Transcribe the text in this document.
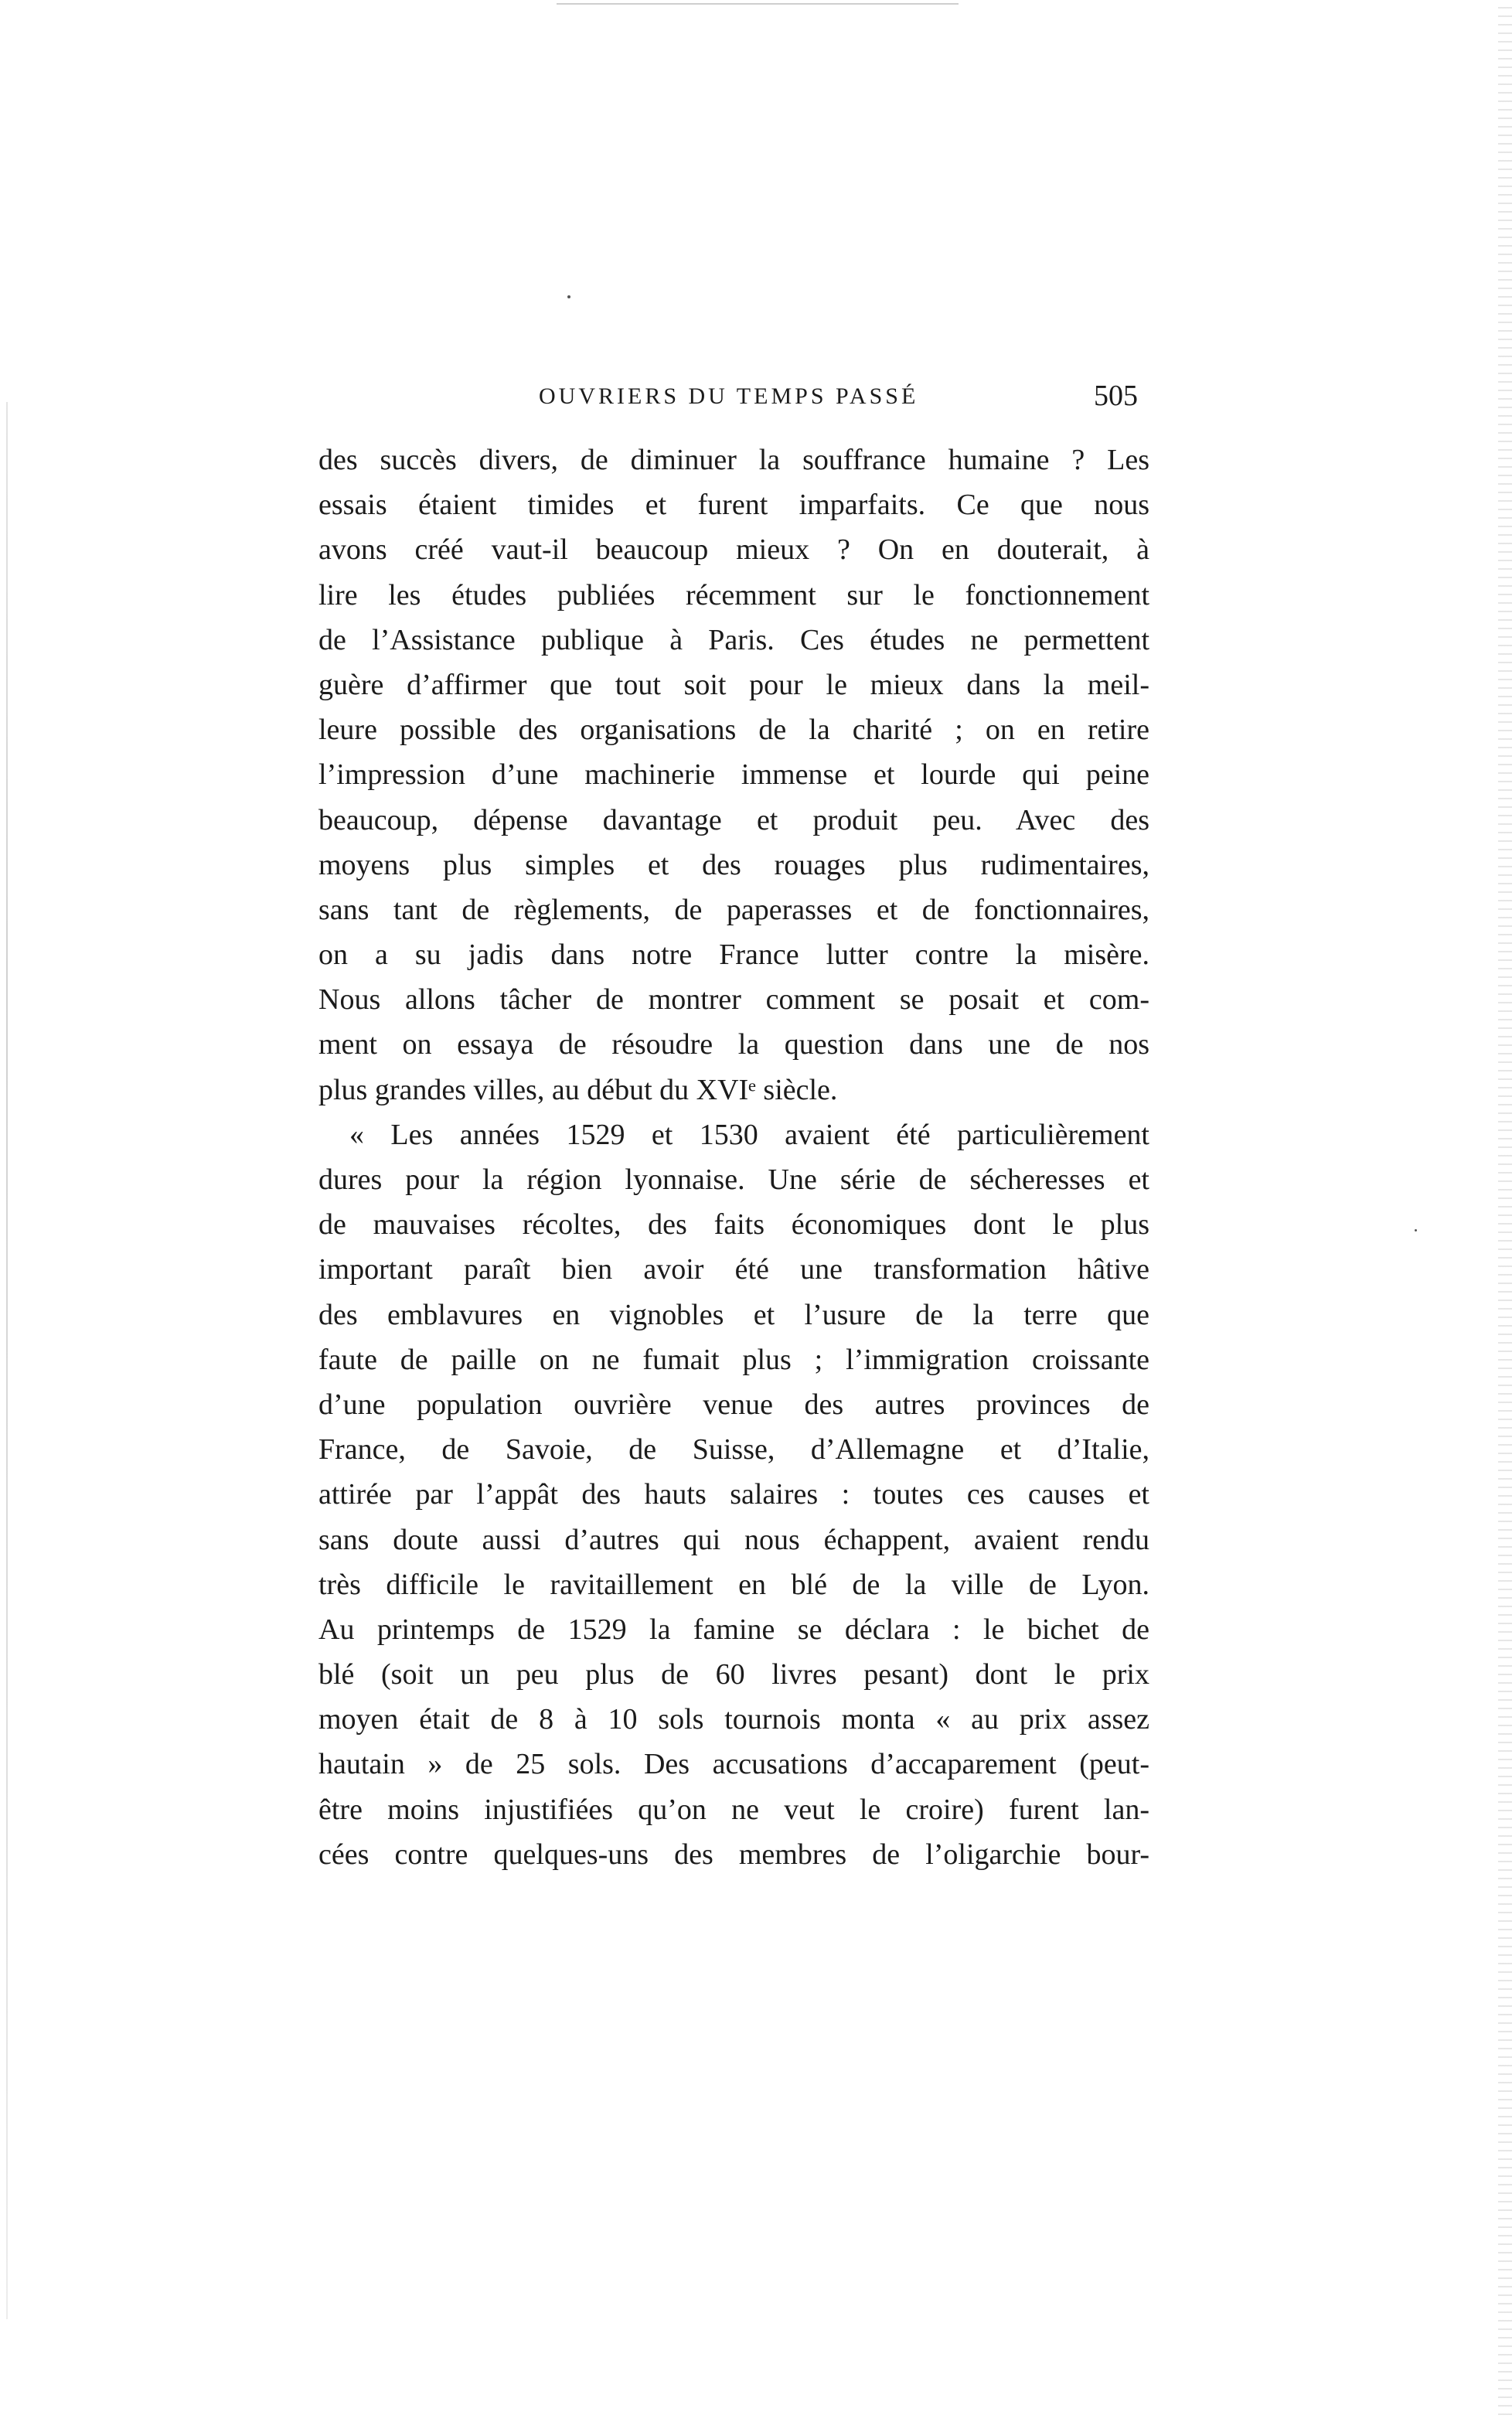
OUVRIERS DU TEMPS PASSÉ	505
des succès divers, de diminuer la souffrance humaine ? Les
essais étaient timides et furent imparfaits. Ce que nous
avons créé vaut-il beaucoup mieux ? On en douterait, à
lire les études publiées récemment sur le fonctionnement
de l’Assistance publique à Paris. Ces études ne permettent
guère d’affirmer que tout soit pour le mieux dans la meil-
leure possible des organisations de la charité ; on en retire
l’impression d’une machinerie immense et lourde qui peine
beaucoup, dépense davantage et produit peu. Avec des
moyens plus simples et des rouages plus rudimentaires,
sans tant de règlements, de paperasses et de fonctionnaires,
on a su jadis dans notre France lutter contre la misère.
Nous allons tâcher de montrer comment se posait et com-
ment on essaya de résoudre la question dans une de nos
plus grandes villes, au début du XVIᵉ siècle.
« Les années 1529 et 1530 avaient été particulièrement
dures pour la région lyonnaise. Une série de sécheresses et
de mauvaises récoltes, des faits économiques dont le plus
important paraît bien avoir été une transformation hâtive
des emblavures en vignobles et l’usure de la terre que
faute de paille on ne fumait plus ; l’immigration croissante
d’une population ouvrière venue des autres provinces de
France, de Savoie, de Suisse, d’Allemagne et d’Italie,
attirée par l’appât des hauts salaires : toutes ces causes et
sans doute aussi d’autres qui nous échappent, avaient rendu
très difficile le ravitaillement en blé de la ville de Lyon.
Au printemps de 1529 la famine se déclara : le bichet de
blé (soit un peu plus de 60 livres pesant) dont le prix
moyen était de 8 à 10 sols tournois monta « au prix assez
hautain » de 25 sols. Des accusations d’accaparement (peut-
être moins injustifiées qu’on ne veut le croire) furent lan-
cées contre quelques-uns des membres de l’oligarchie bour-
